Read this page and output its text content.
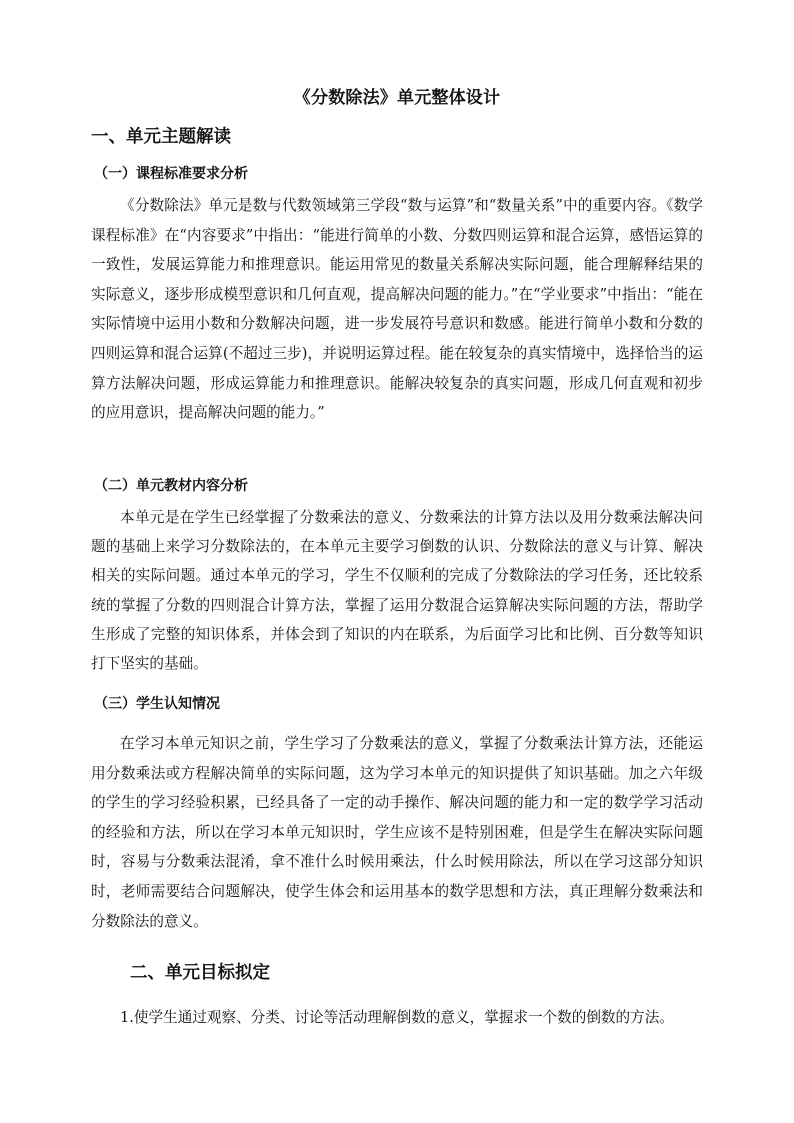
《分数除法》单元整体设计
一、单元主题解读
（一）课程标准要求分析

《分数除法》单元是数与代数领域第三学段“数与运算”和“数量关系”中的重要内容。《数学课程标准》在“内容要求”中指出：“能进行简单的小数、分数四则运算和混合运算，感悟运算的一致性，发展运算能力和推理意识。能运用常见的数量关系解决实际问题，能合理解释结果的实际意义，逐步形成模型意识和几何直观，提高解决问题的能力。”在“学业要求”中指出：“能在实际情境中运用小数和分数解决问题，进一步发展符号意识和数感。能进行简单小数和分数的四则运算和混合运算(不超过三步)，并说明运算过程。能在较复杂的真实情境中，选择恰当的运算方法解决问题，形成运算能力和推理意识。能解决较复杂的真实问题，形成几何直观和初步的应用意识，提高解决问题的能力。”

（二）单元教材内容分析

本单元是在学生已经掌握了分数乘法的意义、分数乘法的计算方法以及用分数乘法解决问题的基础上来学习分数除法的，在本单元主要学习倒数的认识、分数除法的意义与计算、解决相关的实际问题。通过本单元的学习，学生不仅顺利的完成了分数除法的学习任务，还比较系统的掌握了分数的四则混合计算方法，掌握了运用分数混合运算解决实际问题的方法，帮助学生形成了完整的知识体系，并体会到了知识的内在联系，为后面学习比和比例、百分数等知识打下坚实的基础。

（三）学生认知情况

在学习本单元知识之前，学生学习了分数乘法的意义，掌握了分数乘法计算方法，还能运用分数乘法或方程解决简单的实际问题，这为学习本单元的知识提供了知识基础。加之六年级的学生的学习经验积累，已经具备了一定的动手操作、解决问题的能力和一定的数学学习活动的经验和方法，所以在学习本单元知识时，学生应该不是特别困难，但是学生在解决实际问题时，容易与分数乘法混淆，拿不准什么时候用乘法，什么时候用除法，所以在学习这部分知识时，老师需要结合问题解决，使学生体会和运用基本的数学思想和方法，真正理解分数乘法和分数除法的意义。

二、单元目标拟定

1.使学生通过观察、分类、讨论等活动理解倒数的意义，掌握求一个数的倒数的方法。
